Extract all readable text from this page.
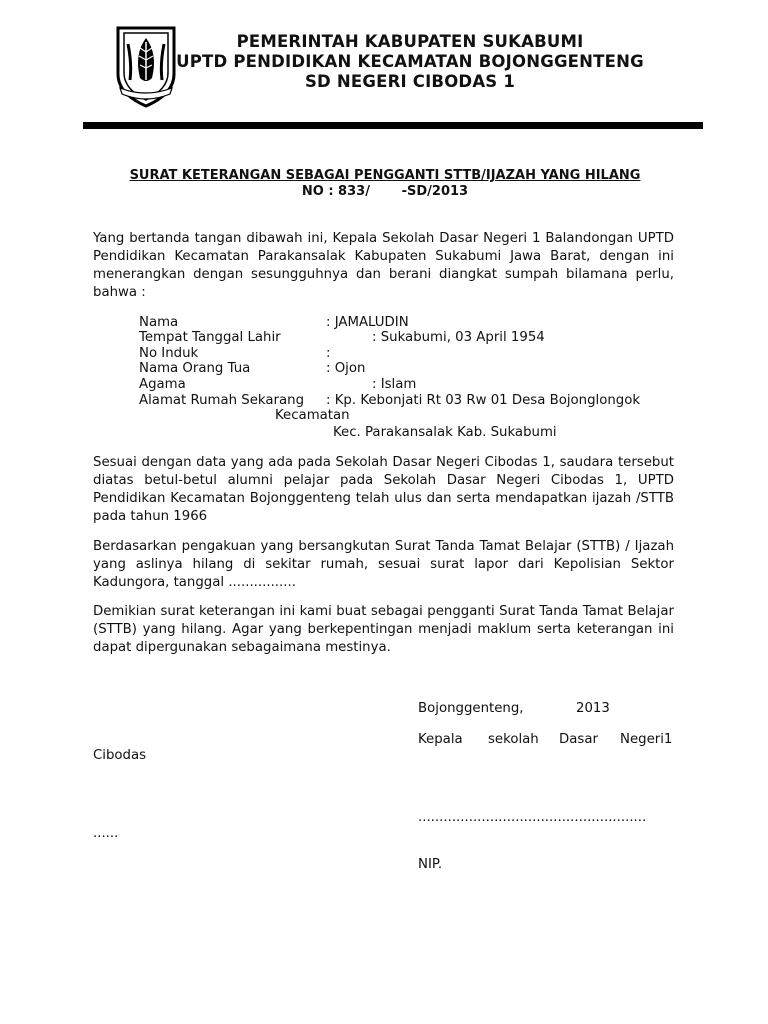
PEMERINTAH KABUPATEN SUKABUMI
UPTD PENDIDIKAN KECAMATAN BOJONGGENTENG
SD NEGERI CIBODAS 1
SURAT KETERANGAN SEBAGAI PENGGANTI STTB/IJAZAH YANG HILANG
NO : 833/       -SD/2013
Yang bertanda tangan dibawah ini, Kepala Sekolah Dasar Negeri 1 Balandongan UPTD Pendidikan Kecamatan Parakansalak Kabupaten Sukabumi Jawa Barat, dengan ini menerangkan dengan sesungguhnya dan berani diangkat sumpah bilamana perlu, bahwa :
Nama	: JAMALUDIN
Tempat Tanggal Lahir	: Sukabumi, 03 April 1954
No Induk	:
Nama Orang Tua	: Ojon
Agama	: Islam
Alamat Rumah Sekarang : Kp. Kebonjati Rt 03 Rw 01 Desa Bojonglongok
Kecamatan
Kec. Parakansalak Kab. Sukabumi
Sesuai dengan data yang ada pada Sekolah Dasar Negeri Cibodas 1, saudara tersebut diatas betul-betul alumni pelajar pada Sekolah Dasar Negeri Cibodas 1, UPTD Pendidikan Kecamatan Bojonggenteng telah ulus dan serta mendapatkan ijazah /STTB pada tahun 1966
Berdasarkan pengakuan yang bersangkutan Surat Tanda Tamat Belajar (STTB) / Ijazah yang aslinya hilang di sekitar rumah, sesuai surat lapor dari Kepolisian Sektor Kadungora, tanggal ................
Demikian surat keterangan ini kami buat sebagai pengganti Surat Tanda Tamat Belajar (STTB) yang hilang. Agar yang berkepentingan menjadi maklum serta keterangan ini dapat dipergunakan sebagaimana mestinya.
Bojonggenteng,	2013
Kepala sekolah Dasar Negeri1
Cibodas
......................................................
......
NIP.
